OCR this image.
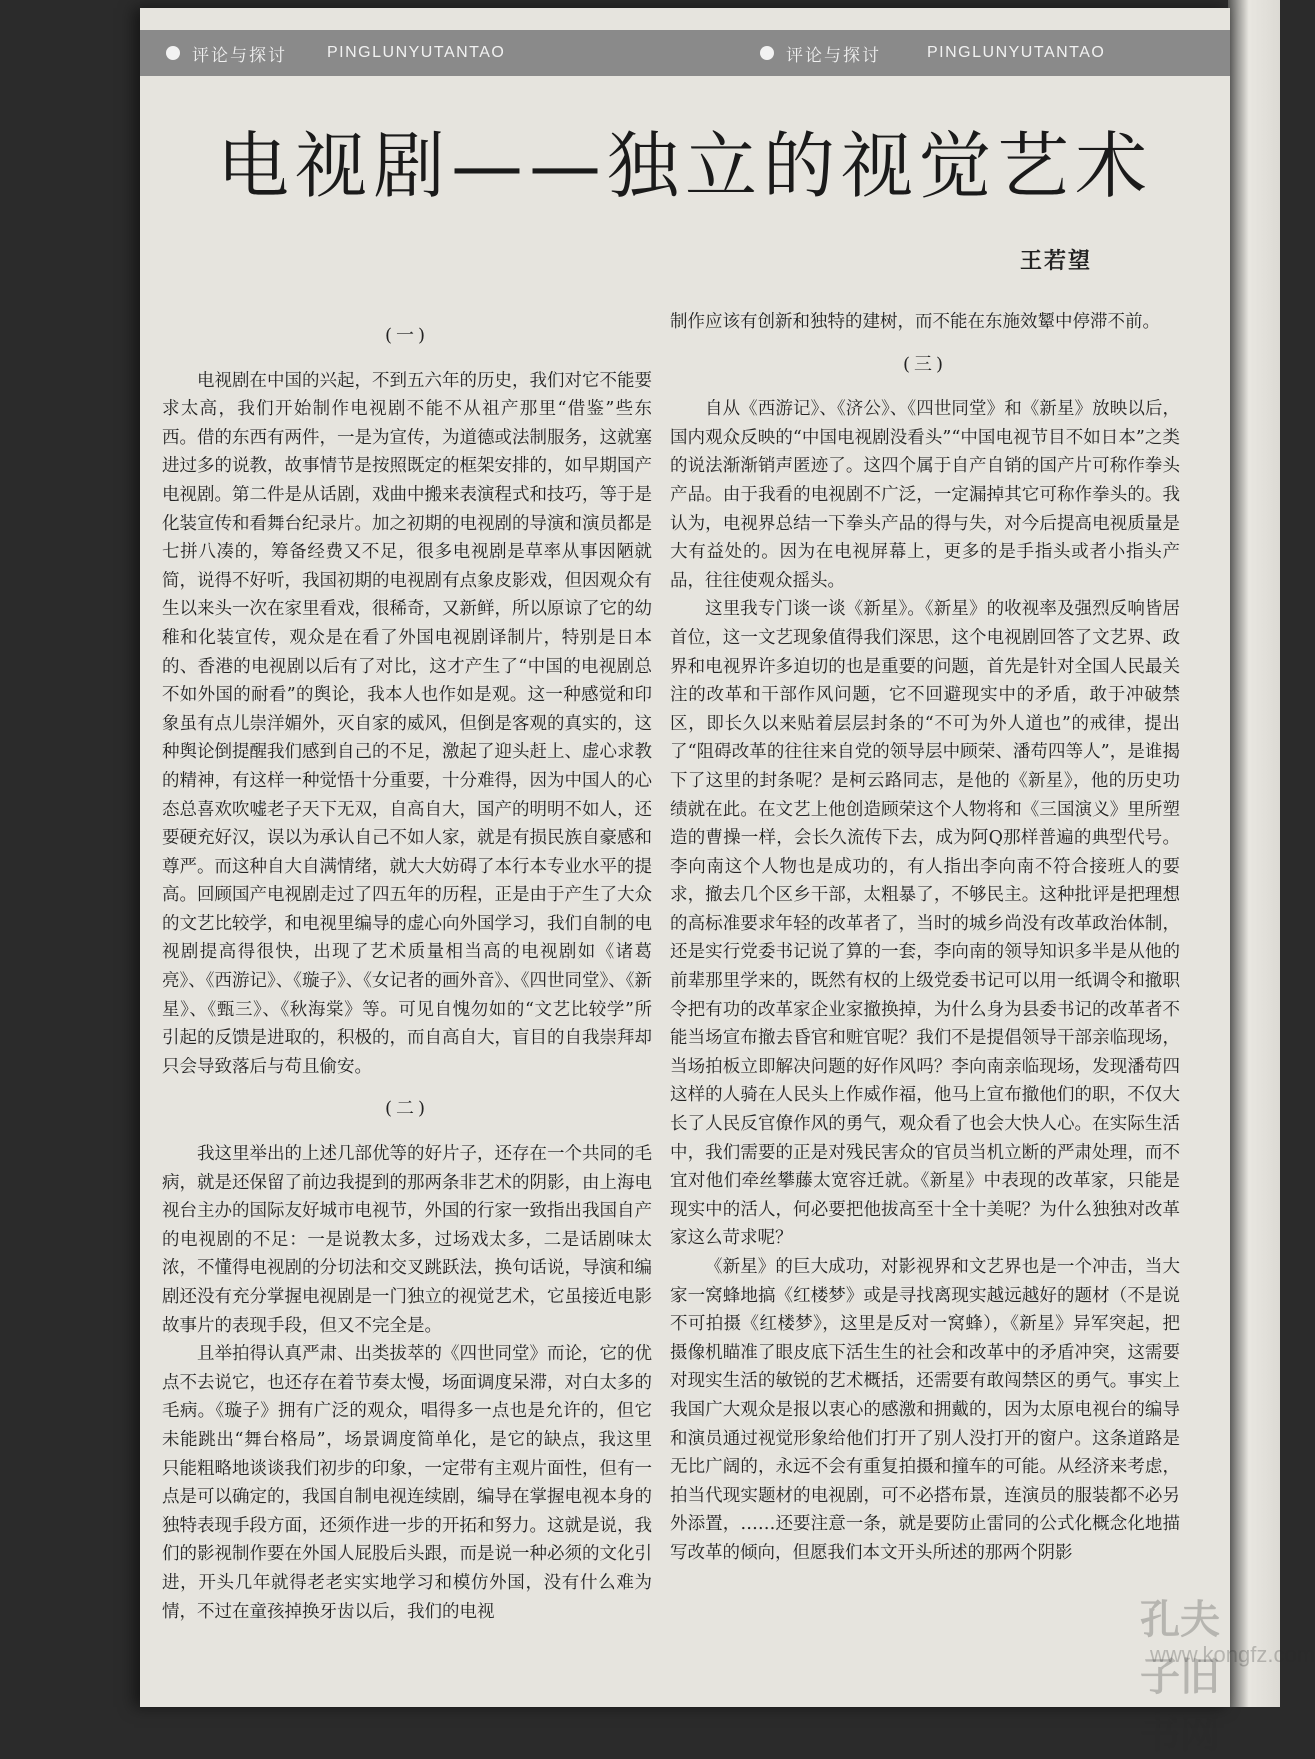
评论与探讨	PINGLUNYUTANTAO	评论与探讨	PINGLUNYUTANTAO
电视剧——独立的视觉艺术
王若望

(一)

电视剧在中国的兴起，不到五六年的历史，我们对它不能要求太高，我们开始制作电视剧不能不从祖产那里“借鉴”些东西。借的东西有两件，一是为宣传，为道德或法制服务，这就塞进过多的说教，故事情节是按照既定的框架安排的，如早期国产电视剧。第二件是从话剧，戏曲中搬来表演程式和技巧，等于是化装宣传和看舞台纪录片。加之初期的电视剧的导演和演员都是七拼八凑的，筹备经费又不足，很多电视剧是草率从事因陋就简，说得不好听，我国初期的电视剧有点象皮影戏，但因观众有生以来头一次在家里看戏，很稀奇，又新鲜，所以原谅了它的幼稚和化装宣传，观众是在看了外国电视剧译制片，特别是日本的、香港的电视剧以后有了对比，这才产生了“中国的电视剧总不如外国的耐看”的舆论，我本人也作如是观。这一种感觉和印象虽有点儿崇洋媚外，灭自家的威风，但倒是客观的真实的，这种舆论倒提醒我们感到自己的不足，激起了迎头赶上、虚心求教的精神，有这样一种觉悟十分重要，十分难得，因为中国人的心态总喜欢吹嘘老子天下无双，自高自大，国产的明明不如人，还要硬充好汉，误以为承认自己不如人家，就是有损民族自豪感和尊严。而这种自大自满情绪，就大大妨碍了本行本专业水平的提高。回顾国产电视剧走过了四五年的历程，正是由于产生了大众的文艺比较学，和电视里编导的虚心向外国学习，我们自制的电视剧提高得很快，出现了艺术质量相当高的电视剧如《诸葛亮》、《西游记》、《璇子》、《女记者的画外音》、《四世同堂》、《新星》、《甄三》、《秋海棠》等。可见自愧勿如的“文艺比较学”所引起的反馈是进取的，积极的，而自高自大，盲目的自我崇拜却只会导致落后与苟且偷安。

(二)

我这里举出的上述几部优等的好片子，还存在一个共同的毛病，就是还保留了前边我提到的那两条非艺术的阴影，由上海电视台主办的国际友好城市电视节，外国的行家一致指出我国自产的电视剧的不足：一是说教太多，过场戏太多，二是话剧味太浓，不懂得电视剧的分切法和交叉跳跃法，换句话说，导演和编剧还没有充分掌握电视剧是一门独立的视觉艺术，它虽接近电影故事片的表现手段，但又不完全是。

且举拍得认真严肃、出类拔萃的《四世同堂》而论，它的优点不去说它，也还存在着节奏太慢，场面调度呆滞，对白太多的毛病。《璇子》拥有广泛的观众，唱得多一点也是允许的，但它未能跳出“舞台格局”，场景调度简单化，是它的缺点，我这里只能粗略地谈谈我们初步的印象，一定带有主观片面性，但有一点是可以确定的，我国自制电视连续剧，编导在掌握电视本身的独特表现手段方面，还须作进一步的开拓和努力。这就是说，我们的影视制作要在外国人屁股后头跟，而是说一种必须的文化引进，开头几年就得老老实实地学习和模仿外国，没有什么难为情，不过在童孩掉换牙齿以后，我们的电视

制作应该有创新和独特的建树，而不能在东施效颦中停滞不前。

(三)

自从《西游记》、《济公》、《四世同堂》和《新星》放映以后，国内观众反映的“中国电视剧没看头”“中国电视节目不如日本”之类的说法渐渐销声匿迹了。这四个属于自产自销的国产片可称作拳头产品。由于我看的电视剧不广泛，一定漏掉其它可称作拳头的。我认为，电视界总结一下拳头产品的得与失，对今后提高电视质量是大有益处的。因为在电视屏幕上，更多的是手指头或者小指头产品，往往使观众摇头。

这里我专门谈一谈《新星》。《新星》的收视率及强烈反响皆居首位，这一文艺现象值得我们深思，这个电视剧回答了文艺界、政界和电视界许多迫切的也是重要的问题，首先是针对全国人民最关注的改革和干部作风问题，它不回避现实中的矛盾，敢于冲破禁区，即长久以来贴着层层封条的“不可为外人道也”的戒律，提出了“阻碍改革的往往来自党的领导层中顾荣、潘苟四等人”，是谁揭下了这里的封条呢？是柯云路同志，是他的《新星》，他的历史功绩就在此。在文艺上他创造顾荣这个人物将和《三国演义》里所塑造的曹操一样，会长久流传下去，成为阿Q那样普遍的典型代号。李向南这个人物也是成功的，有人指出李向南不符合接班人的要求，撤去几个区乡干部，太粗暴了，不够民主。这种批评是把理想的高标准要求年轻的改革者了，当时的城乡尚没有改革政治体制，还是实行党委书记说了算的一套，李向南的领导知识多半是从他的前辈那里学来的，既然有权的上级党委书记可以用一纸调令和撤职令把有功的改革家企业家撤换掉，为什么身为县委书记的改革者不能当场宣布撤去昏官和赃官呢？我们不是提倡领导干部亲临现场，当场拍板立即解决问题的好作风吗？李向南亲临现场，发现潘苟四这样的人骑在人民头上作威作福，他马上宣布撤他们的职，不仅大长了人民反官僚作风的勇气，观众看了也会大快人心。在实际生活中，我们需要的正是对残民害众的官员当机立断的严肃处理，而不宜对他们牵丝攀藤太宽容迁就。《新星》中表现的改革家，只能是现实中的活人，何必要把他拔高至十全十美呢？为什么独独对改革家这么苛求呢？

《新星》的巨大成功，对影视界和文艺界也是一个冲击，当大家一窝蜂地搞《红楼梦》或是寻找离现实越远越好的题材（不是说不可拍摄《红楼梦》，这里是反对一窝蜂），《新星》异军突起，把摄像机瞄准了眼皮底下活生生的社会和改革中的矛盾冲突，这需要对现实生活的敏锐的艺术概括，还需要有敢闯禁区的勇气。事实上我国广大观众是报以衷心的感激和拥戴的，因为太原电视台的编导和演员通过视觉形象给他们打开了别人没打开的窗户。这条道路是无比广阔的，永远不会有重复拍摄和撞车的可能。从经济来考虑，拍当代现实题材的电视剧，可不必搭布景，连演员的服装都不必另外添置，……还要注意一条，就是要防止雷同的公式化概念化地描写改革的倾向，但愿我们本文开头所述的那两个阴影

孔夫子旧书网
www.kongfz.com
